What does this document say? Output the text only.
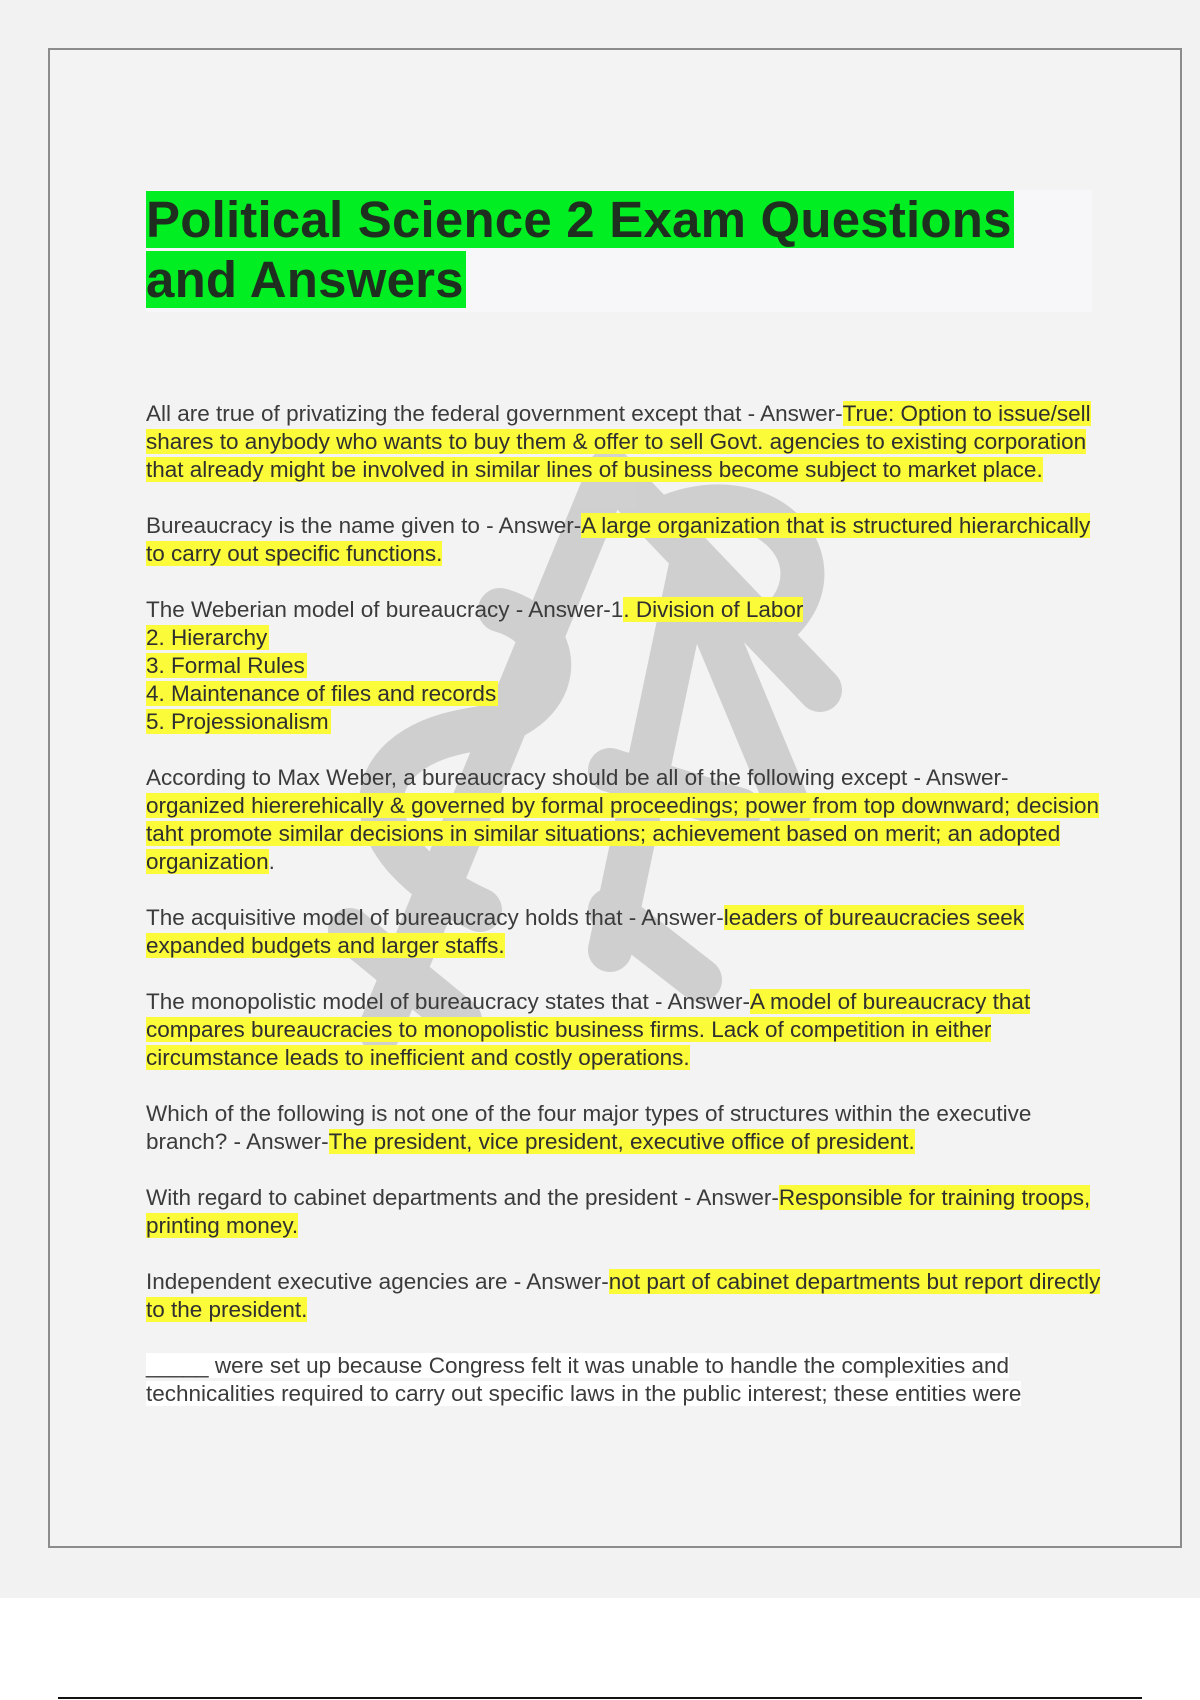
Political Science 2 Exam Questions
and Answers

All are true of privatizing the federal government except that - Answer-True: Option to issue/sell shares to anybody who wants to buy them & offer to sell Govt. agencies to existing corporation that already might be involved in similar lines of business become subject to market place.

Bureaucracy is the name given to - Answer-A large organization that is structured hierarchically to carry out specific functions.

The Weberian model of bureaucracy - Answer-1. Division of Labor
2. Hierarchy
3. Formal Rules
4. Maintenance of files and records
5. Projessionalism

According to Max Weber, a bureaucracy should be all of the following except - Answer-organized hiererehically & governed by formal proceedings; power from top downward; decision taht promote similar decisions in similar situations; achievement based on merit; an adopted organization.

The acquisitive model of bureaucracy holds that - Answer-leaders of bureaucracies seek expanded budgets and larger staffs.

The monopolistic model of bureaucracy states that - Answer-A model of bureaucracy that compares bureaucracies to monopolistic business firms. Lack of competition in either circumstance leads to inefficient and costly operations.

Which of the following is not one of the four major types of structures within the executive branch? - Answer-The president, vice president, executive office of president.

With regard to cabinet departments and the president - Answer-Responsible for training troops, printing money.

Independent executive agencies are - Answer-not part of cabinet departments but report directly to the president.

_____ were set up because Congress felt it was unable to handle the complexities and technicalities required to carry out specific laws in the public interest; these entities were
